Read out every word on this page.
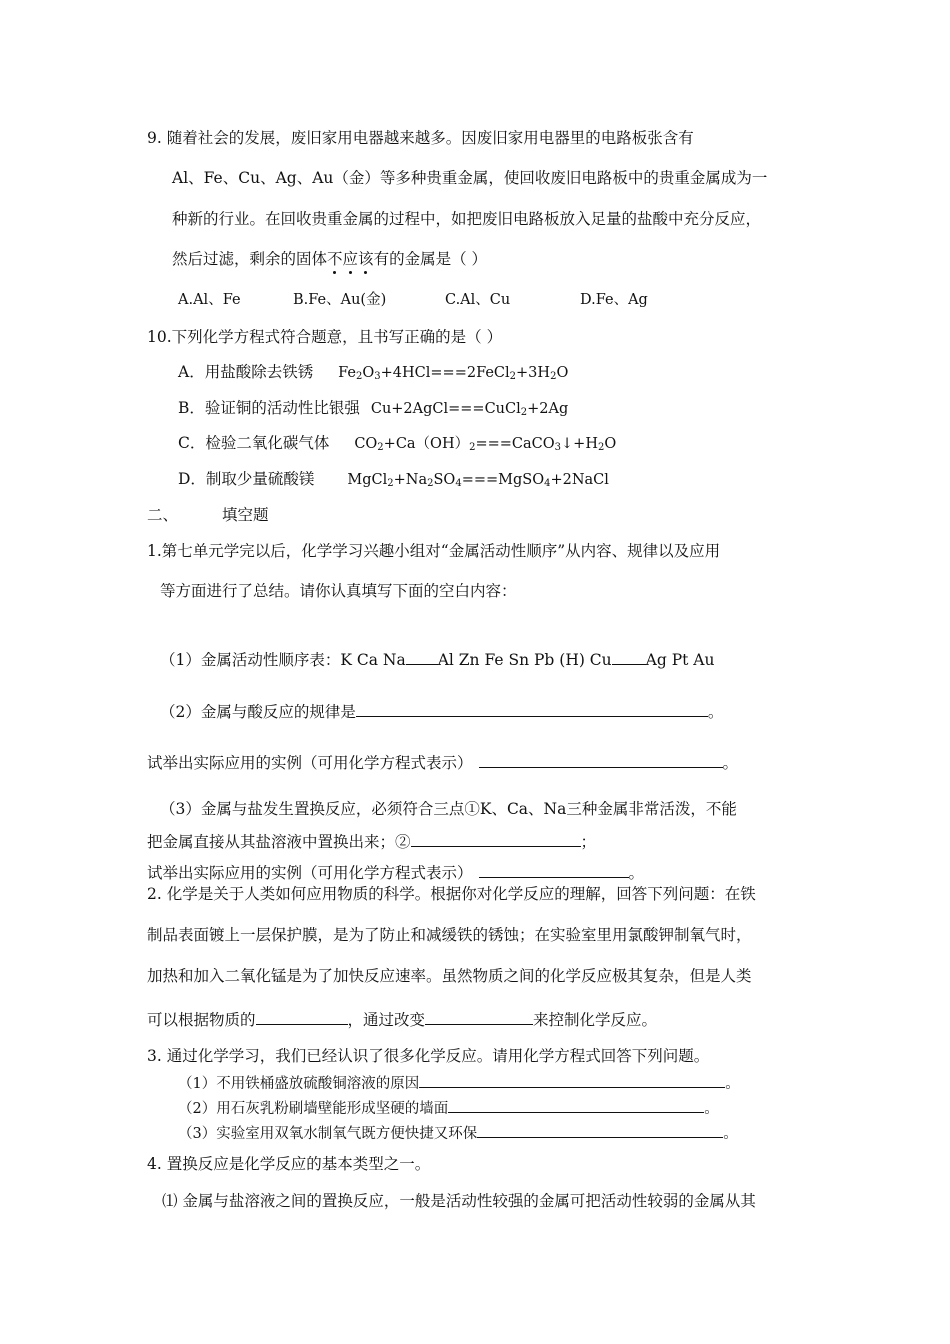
9. 随着社会的发展，废旧家用电器越来越多。因废旧家用电器里的电路板张含有
Al、Fe、Cu、Ag、Au（金）等多种贵重金属，使回收废旧电路板中的贵重金属成为一
种新的行业。在回收贵重金属的过程中，如把废旧电路板放入足量的盐酸中充分反应，
然后过滤，剩余的固体不应该有的金属是（ ）
A.Al、Fe	B.Fe、Au(金)	C.Al、Cu	D.Fe、Ag
10.下列化学方程式符合题意，且书写正确的是（ ）
A．用盐酸除去铁锈 $Fe_2O_3+4HCl===2FeCl_2+3H_2O$
B．验证铜的活动性比银强 Cu+2AgCl===CuCl$_2$+2Ag
C．检验二氧化碳气体 $CO_2+Ca(OH)_2===CaCO_3↓+H_2O$
D．制取少量硫酸镁 $MgCl_2+Na_2SO_4===MgSO_4+2NaCl$
二、	填空题
1.第七单元学完以后，化学学习兴趣小组对“金属活动性顺序”从内容、规律以及应用
等方面进行了总结。请你认真填写下面的空白内容：
（1）金属活动性顺序表：K Ca Na Al Zn Fe Sn Pb (H) Cu Ag Pt Au
（2）金属与酸反应的规律是	。
试举出实际应用的实例（可用化学方程式表示）	。
（3）金属与盐发生置换反应，必须符合三点①K、Ca、Na三种金属非常活泼，不能
把金属直接从其盐溶液中置换出来；②	；
试举出实际应用的实例（可用化学方程式表示）	。
2. 化学是关于人类如何应用物质的科学。根据你对化学反应的理解，回答下列问题：在铁
制品表面镀上一层保护膜，是为了防止和减缓铁的锈蚀；在实验室里用氯酸钾制氧气时，
加热和加入二氧化锰是为了加快反应速率。虽然物质之间的化学反应极其复杂，但是人类
可以根据物质的	，通过改变	来控制化学反应。
3. 通过化学学习，我们已经认识了很多化学反应。请用化学方程式回答下列问题。
（1）不用铁桶盛放硫酸铜溶液的原因	。
（2）用石灰乳粉刷墙壁能形成坚硬的墙面	。
（3）实验室用双氧水制氧气既方便快捷又环保	。
4. 置换反应是化学反应的基本类型之一。
⑴ 金属与盐溶液之间的置换反应，一般是活动性较强的金属可把活动性较弱的金属从其
